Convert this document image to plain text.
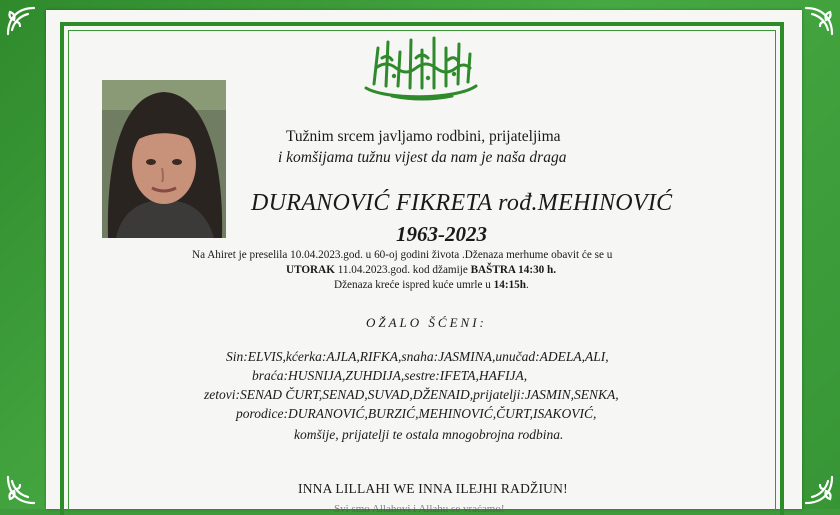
Tužnim srcem javljamo rodbini, prijateljima
i komšijama tužnu vijest da nam je naša draga
DURANOVIĆ FIKRETA rođ.MEHINOVIĆ
1963-2023
Na Ahiret je preselila 10.04.2023.god. u 60-oj godini života .Dženaza merhume obavit će se u
UTORAK 11.04.2023.god. kod džamije BAŠTRA 14:30 h.
Dženaza kreće ispred kuće umrle u 14:15h.
OŽALO ŠĆENI:
Sin:ELVIS,kćerka:AJLA,RIFKA,snaha:JASMINA,unučad:ADELA,ALI,
braća:HUSNIJA,ZUHDIJA,sestre:IFETA,HAFIJA,
zetovi:SENAD ČURT,SENAD,SUVAD,DŽENAID,prijatelji:JASMIN,SENKA,
porodice:DURANOVIĆ,BURZIĆ,MEHINOVIĆ,ČURT,ISAKOVIĆ,
komšije, prijatelji te ostala mnogobrojna rodbina.
INNA LILLAHI WE INNA ILEJHI RADŽIUN!
Svi smo Allahovi i Allahu se vraćamo!
